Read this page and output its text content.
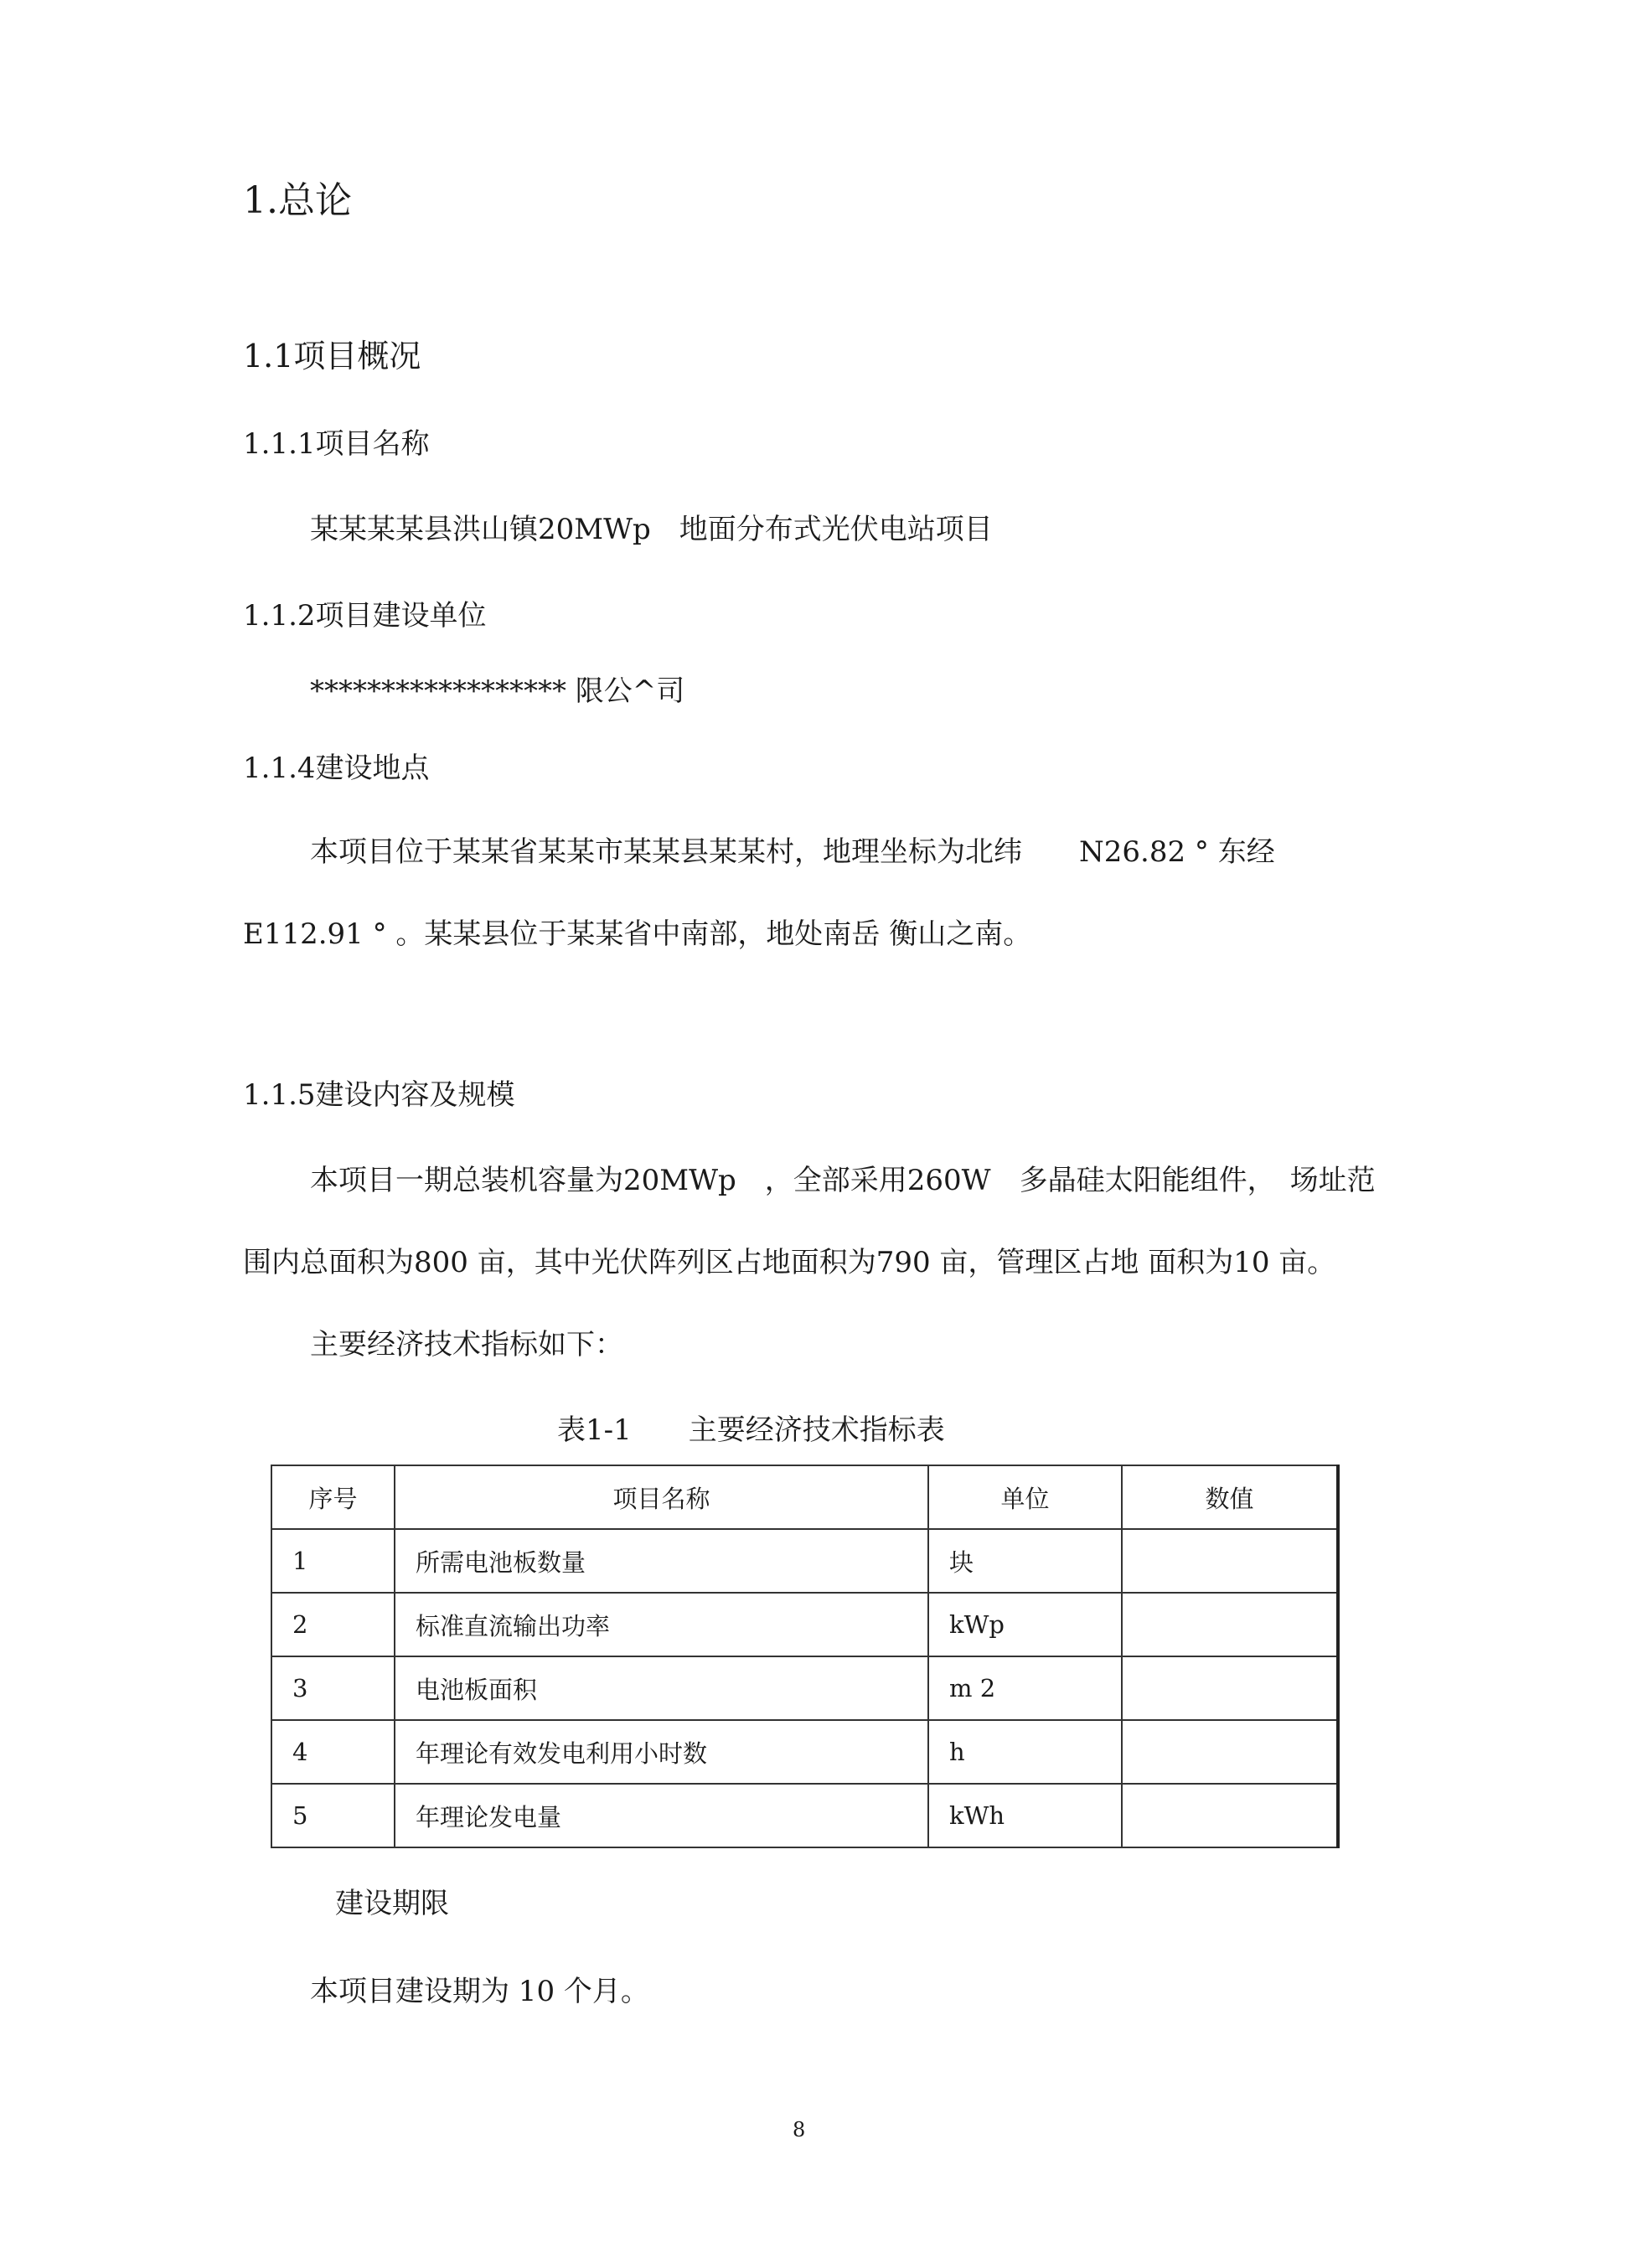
1.总论
1.1项目概况
1.1.1项目名称
某某某某县洪山镇20MWp　地面分布式光伏电站项目
1.1.2项目建设单位
****************** 限公^司
1.1.4建设地点
本项目位于某某省某某市某某县某某村，地理坐标为北纬　　N26.82 ° 东经
E112.91 ° 。某某县位于某某省中南部，地处南岳 衡山之南。
1.1.5建设内容及规模
本项目一期总装机容量为20MWp　，全部采用260W　多晶硅太阳能组件，　场址范
围内总面积为800 亩，其中光伏阵列区占地面积为790 亩，管理区占地 面积为10 亩。
主要经济技术指标如下：
表1-1　　主要经济技术指标表
序号	项目名称	单位	数值
1	所需电池板数量	块	
2	标准直流输出功率	kWp	
3	电池板面积	m 2	
4	年理论有效发电利用小时数	h	
5	年理论发电量	kWh	
建设期限
本项目建设期为 10 个月。
8
